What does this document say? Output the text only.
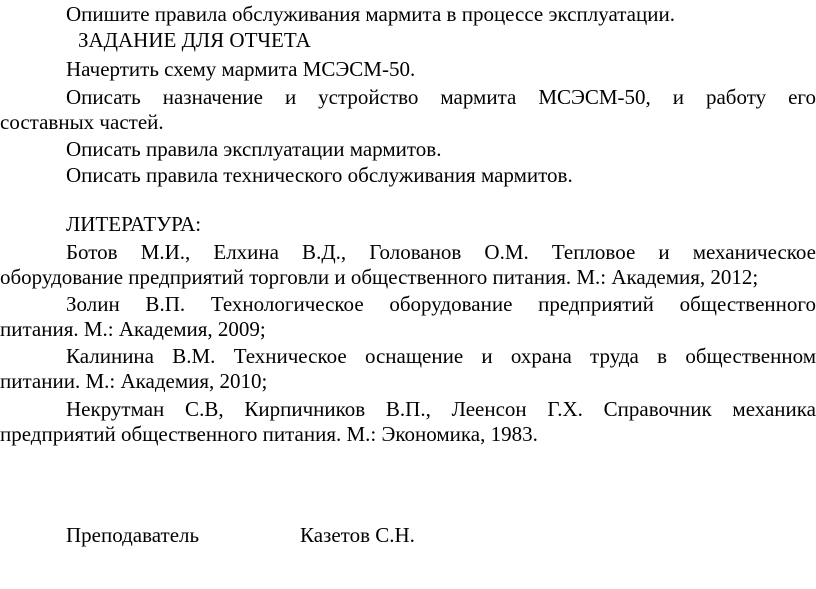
Опишите правила обслуживания мармита в процессе эксплуатации.
ЗАДАНИЕ ДЛЯ ОТЧЕТА
Начертить схему мармита МСЭСМ-50.
Описать назначение и устройство мармита МСЭСМ-50, и работу его
составных частей.
Описать правила эксплуатации мармитов.
Описать правила технического обслуживания мармитов.
ЛИТЕРАТУРА:
Ботов М.И., Елхина В.Д., Голованов О.М. Тепловое и механическое
оборудование предприятий торговли и общественного питания. М.: Академия, 2012;
Золин В.П. Технологическое оборудование предприятий общественного
питания. М.: Академия, 2009;
Калинина В.М. Техническое оснащение и охрана труда в общественном
питании. М.: Академия, 2010;
Некрутман С.В, Кирпичников В.П., Леенсон Г.Х. Справочник механика
предприятий общественного питания. М.: Экономика, 1983.
Преподаватель	Казетов С.Н.
